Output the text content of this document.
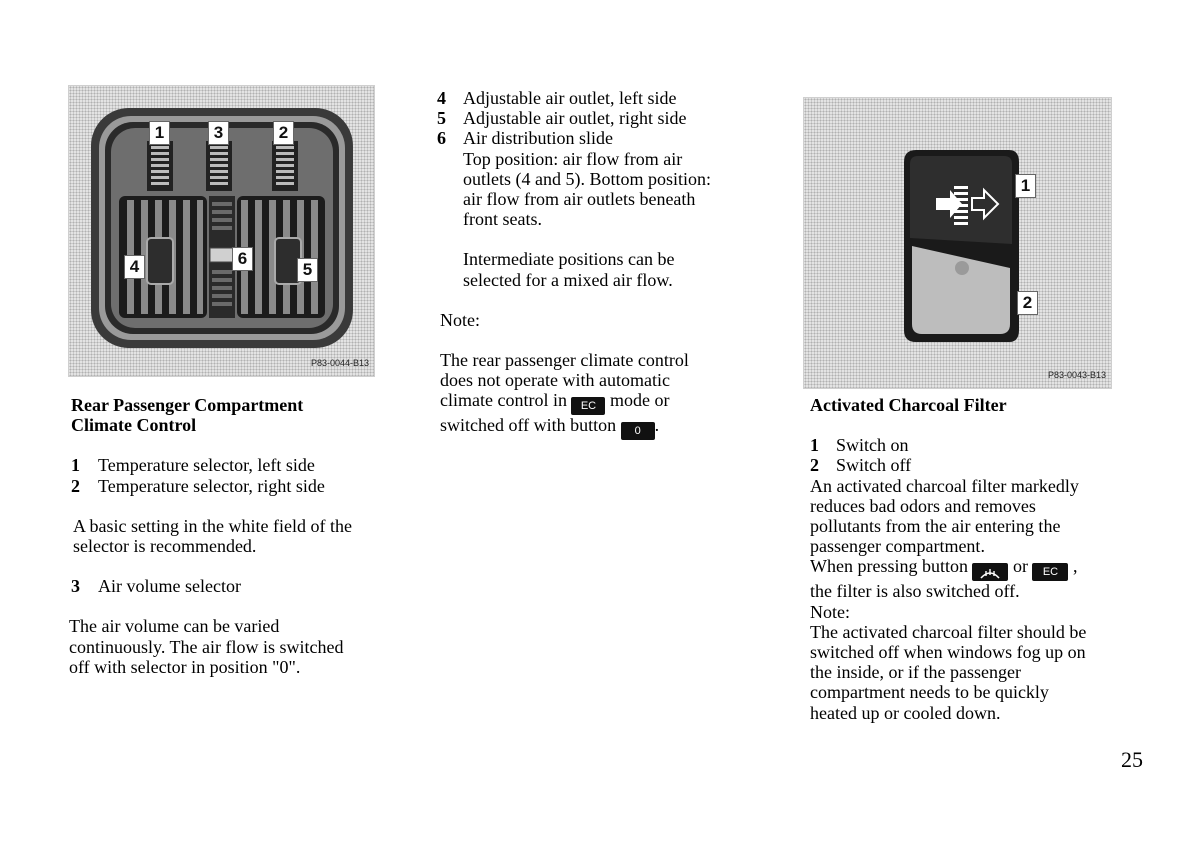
1	3	2
4	6
5
P83-0044-B13
Rear Passenger Compartment
Climate Control
1 Temperature selector, left side
2 Temperature selector, right side
A basic setting in the white field of the
selector is recommended.
3 Air volume selector
The air volume can be varied
continuously. The air flow is switched
off with selector in position "0".
4 Adjustable air outlet, left side
5 Adjustable air outlet, right side
6 Air distribution slide
Top position: air flow from air
outlets (4 and 5). Bottom position:
air flow from air outlets beneath
front seats.
Intermediate positions can be
selected for a mixed air flow.
Note:
The rear passenger climate control
does not operate with automatic
climate control in EC mode or
switched off with button 0 .
1
2
P83-0043-B13
Activated Charcoal Filter
1 Switch on
2 Switch off
An activated charcoal filter markedly
reduces bad odors and removes
pollutants from the air entering the
passenger compartment.
When pressing button	or EC ,
the filter is also switched off.
Note:
The activated charcoal filter should be
switched off when windows fog up on
the inside, or if the passenger
compartment needs to be quickly
heated up or cooled down.
25
